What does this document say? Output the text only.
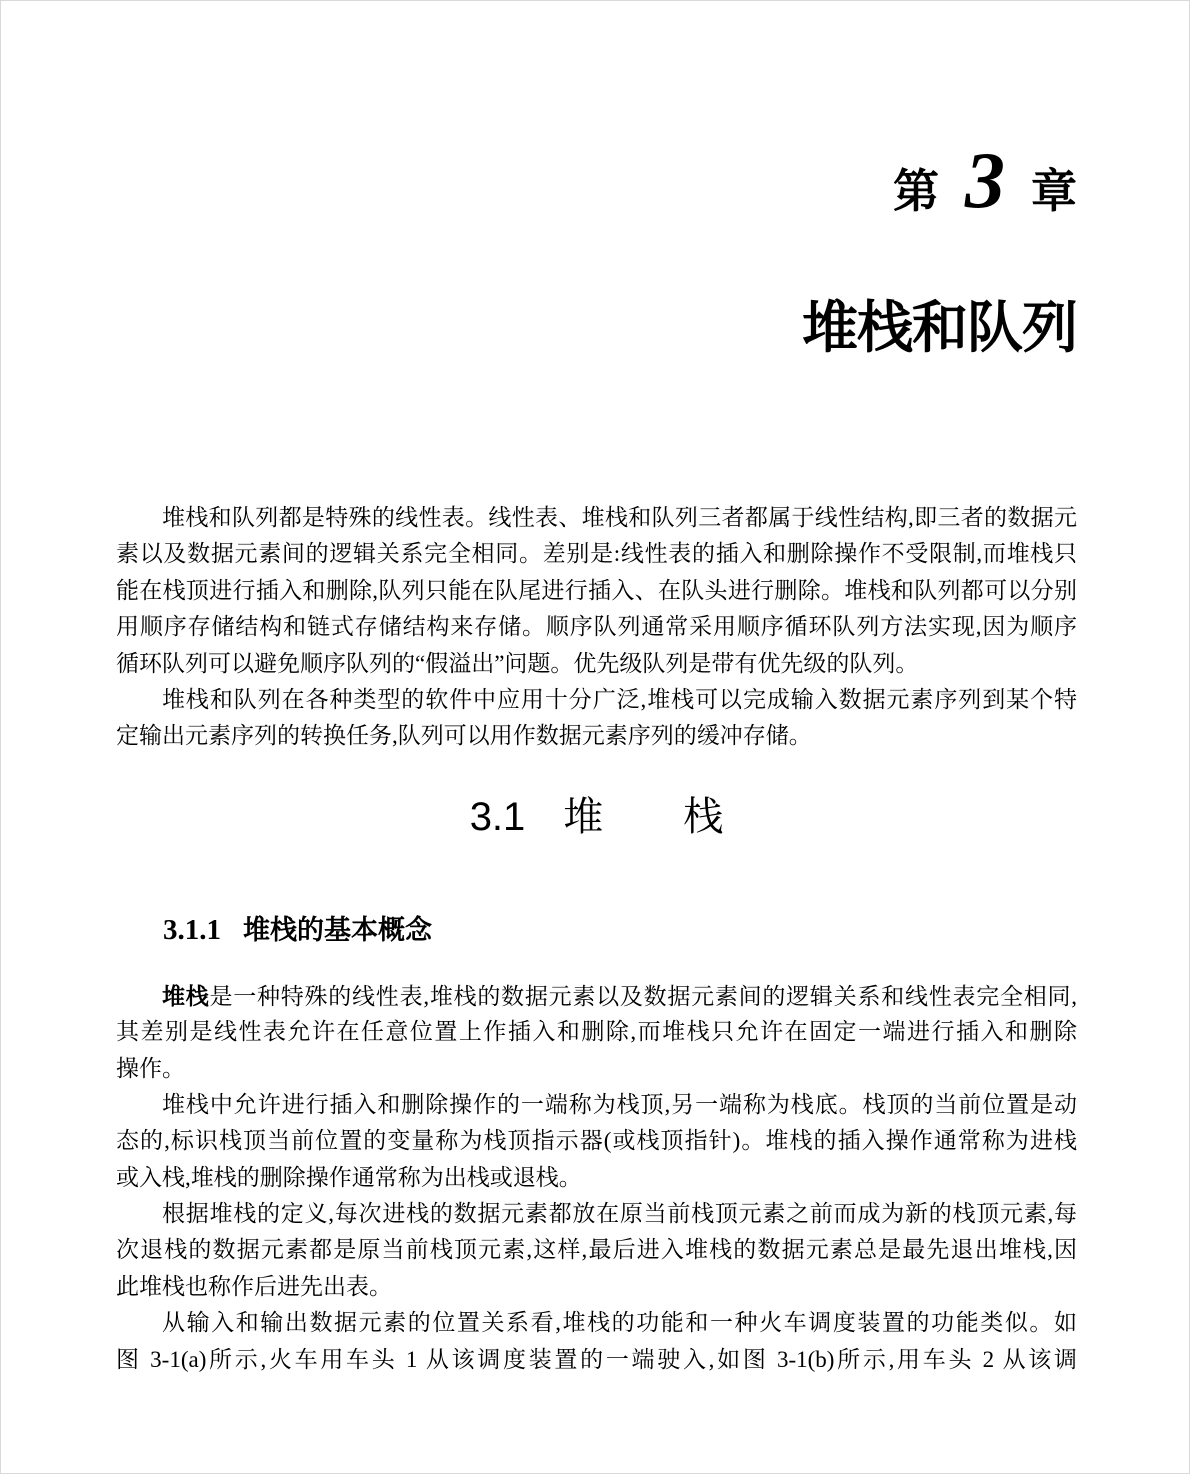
第 3 章
堆栈和队列
堆栈和队列都是特殊的线性表。线性表、堆栈和队列三者都属于线性结构,即三者的数据元
素以及数据元素间的逻辑关系完全相同。差别是:线性表的插入和删除操作不受限制,而堆栈只
能在栈顶进行插入和删除,队列只能在队尾进行插入、在队头进行删除。堆栈和队列都可以分别
用顺序存储结构和链式存储结构来存储。顺序队列通常采用顺序循环队列方法实现,因为顺序
循环队列可以避免顺序队列的“假溢出”问题。优先级队列是带有优先级的队列。
堆栈和队列在各种类型的软件中应用十分广泛,堆栈可以完成输入数据元素序列到某个特
定输出元素序列的转换任务,队列可以用作数据元素序列的缓冲存储。
3.1 堆　　栈
3.1.1 堆栈的基本概念
堆栈是一种特殊的线性表,堆栈的数据元素以及数据元素间的逻辑关系和线性表完全相同,
其差别是线性表允许在任意位置上作插入和删除,而堆栈只允许在固定一端进行插入和删除
操作。
堆栈中允许进行插入和删除操作的一端称为栈顶,另一端称为栈底。栈顶的当前位置是动
态的,标识栈顶当前位置的变量称为栈顶指示器(或栈顶指针)。堆栈的插入操作通常称为进栈
或入栈,堆栈的删除操作通常称为出栈或退栈。
根据堆栈的定义,每次进栈的数据元素都放在原当前栈顶元素之前而成为新的栈顶元素,每
次退栈的数据元素都是原当前栈顶元素,这样,最后进入堆栈的数据元素总是最先退出堆栈,因
此堆栈也称作后进先出表。
从输入和输出数据元素的位置关系看,堆栈的功能和一种火车调度装置的功能类似。如
图 3-1(a)所示,火车用车头 1 从该调度装置的一端驶入,如图 3-1(b)所示,用车头 2 从该调
